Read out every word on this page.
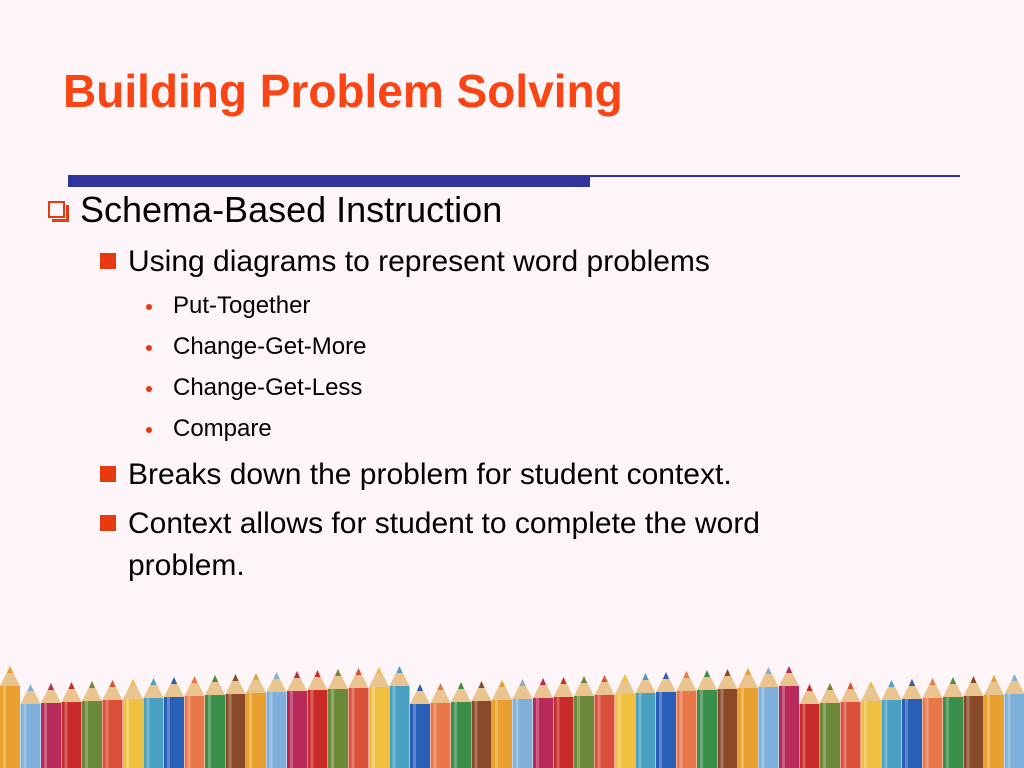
Building Problem Solving
Schema-Based Instruction
Using diagrams to represent word problems
Put-Together
Change-Get-More
Change-Get-Less
Compare
Breaks down the problem for student context.
Context allows for student to complete the word problem.
